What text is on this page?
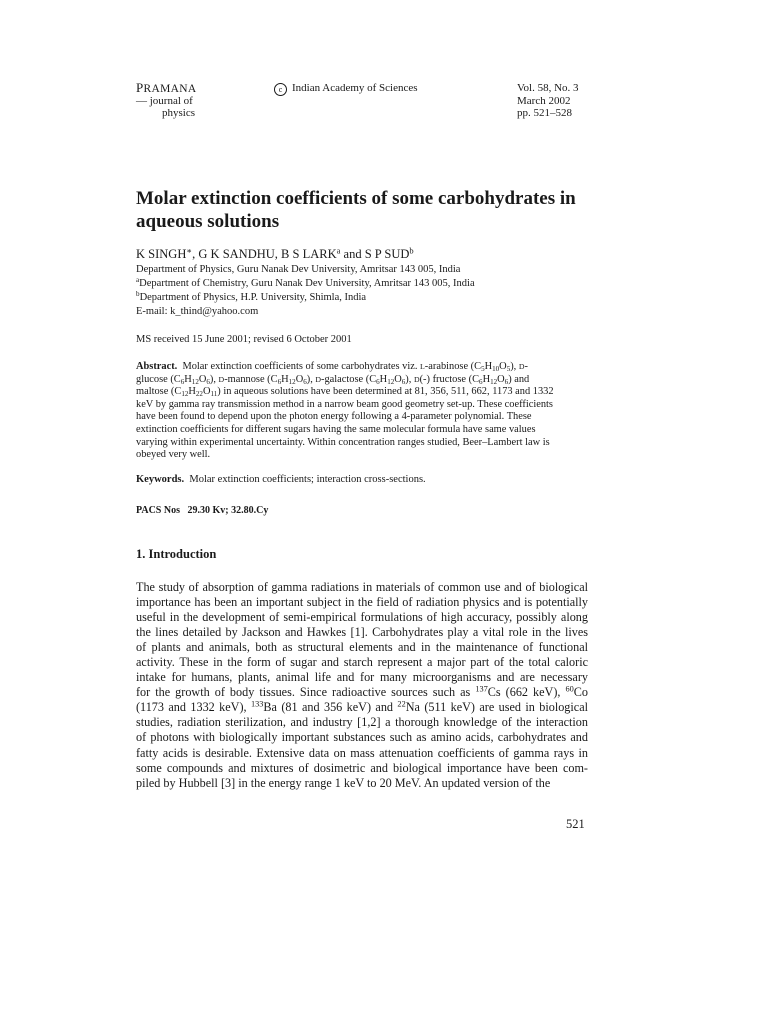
PRAMANA
— journal of
physics
c Indian Academy of Sciences	Vol. 58, No. 3
March 2002
pp. 521–528
Molar extinction coefficients of some carbohydrates in
aqueous solutions
K SINGH∗, G K SANDHU, B S LARK$^a$ and S P SUD$^b$
Department of Physics, Guru Nanak Dev University, Amritsar 143 005, India
$^a$Department of Chemistry, Guru Nanak Dev University, Amritsar 143 005, India
$^b$Department of Physics, H.P. University, Shimla, India
E-mail: k_thind@yahoo.com
MS received 15 June 2001; revised 6 October 2001
Abstract. Molar extinction coefficients of some carbohydrates viz. L-arabinose $(C_5H_{10}O_5)$, D-
glucose $(C_6H_{12}O_6)$, D-mannose $(C_6H_{12}O_6)$, D-galactose $(C_6H_{12}O_6)$, D(-) fructose $(C_6H_{12}O_6)$ and
maltose $(C_{12}H_{22}O_{11})$ in aqueous solutions have been determined at 81, 356, 511, 662, 1173 and 1332
keV by gamma ray transmission method in a narrow beam good geometry set-up. These coefficients
have been found to depend upon the photon energy following a 4-parameter polynomial. These
extinction coefficients for different sugars having the same molecular formula have same values
varying within experimental uncertainty. Within concentration ranges studied, Beer–Lambert law is
obeyed very well.
Keywords. Molar extinction coefficients; interaction cross-sections.
PACS Nos 29.30 Kv; 32.80.Cy
1. Introduction
The study of absorption of gamma radiations in materials of common use and of biological
importance has been an important subject in the field of radiation physics and is potentially
useful in the development of semi-empirical formulations of high accuracy, possibly along
the lines detailed by Jackson and Hawkes [1]. Carbohydrates play a vital role in the lives
of plants and animals, both as structural elements and in the maintenance of functional
activity. These in the form of sugar and starch represent a major part of the total caloric
intake for humans, plants, animal life and for many microorganisms and are necessary
for the growth of body tissues. Since radioactive sources such as $^{137}$Cs (662 keV), $^{60}$Co
(1173 and 1332 keV), $^{133}$Ba (81 and 356 keV) and $^{22}$Na (511 keV) are used in biological
studies, radiation sterilization, and industry [1,2] a thorough knowledge of the interaction
of photons with biologically important substances such as amino acids, carbohydrates and
fatty acids is desirable. Extensive data on mass attenuation coefficients of gamma rays in
some compounds and mixtures of dosimetric and biological importance have been com-
piled by Hubbell [3] in the energy range 1 keV to 20 MeV. An updated version of the
521
